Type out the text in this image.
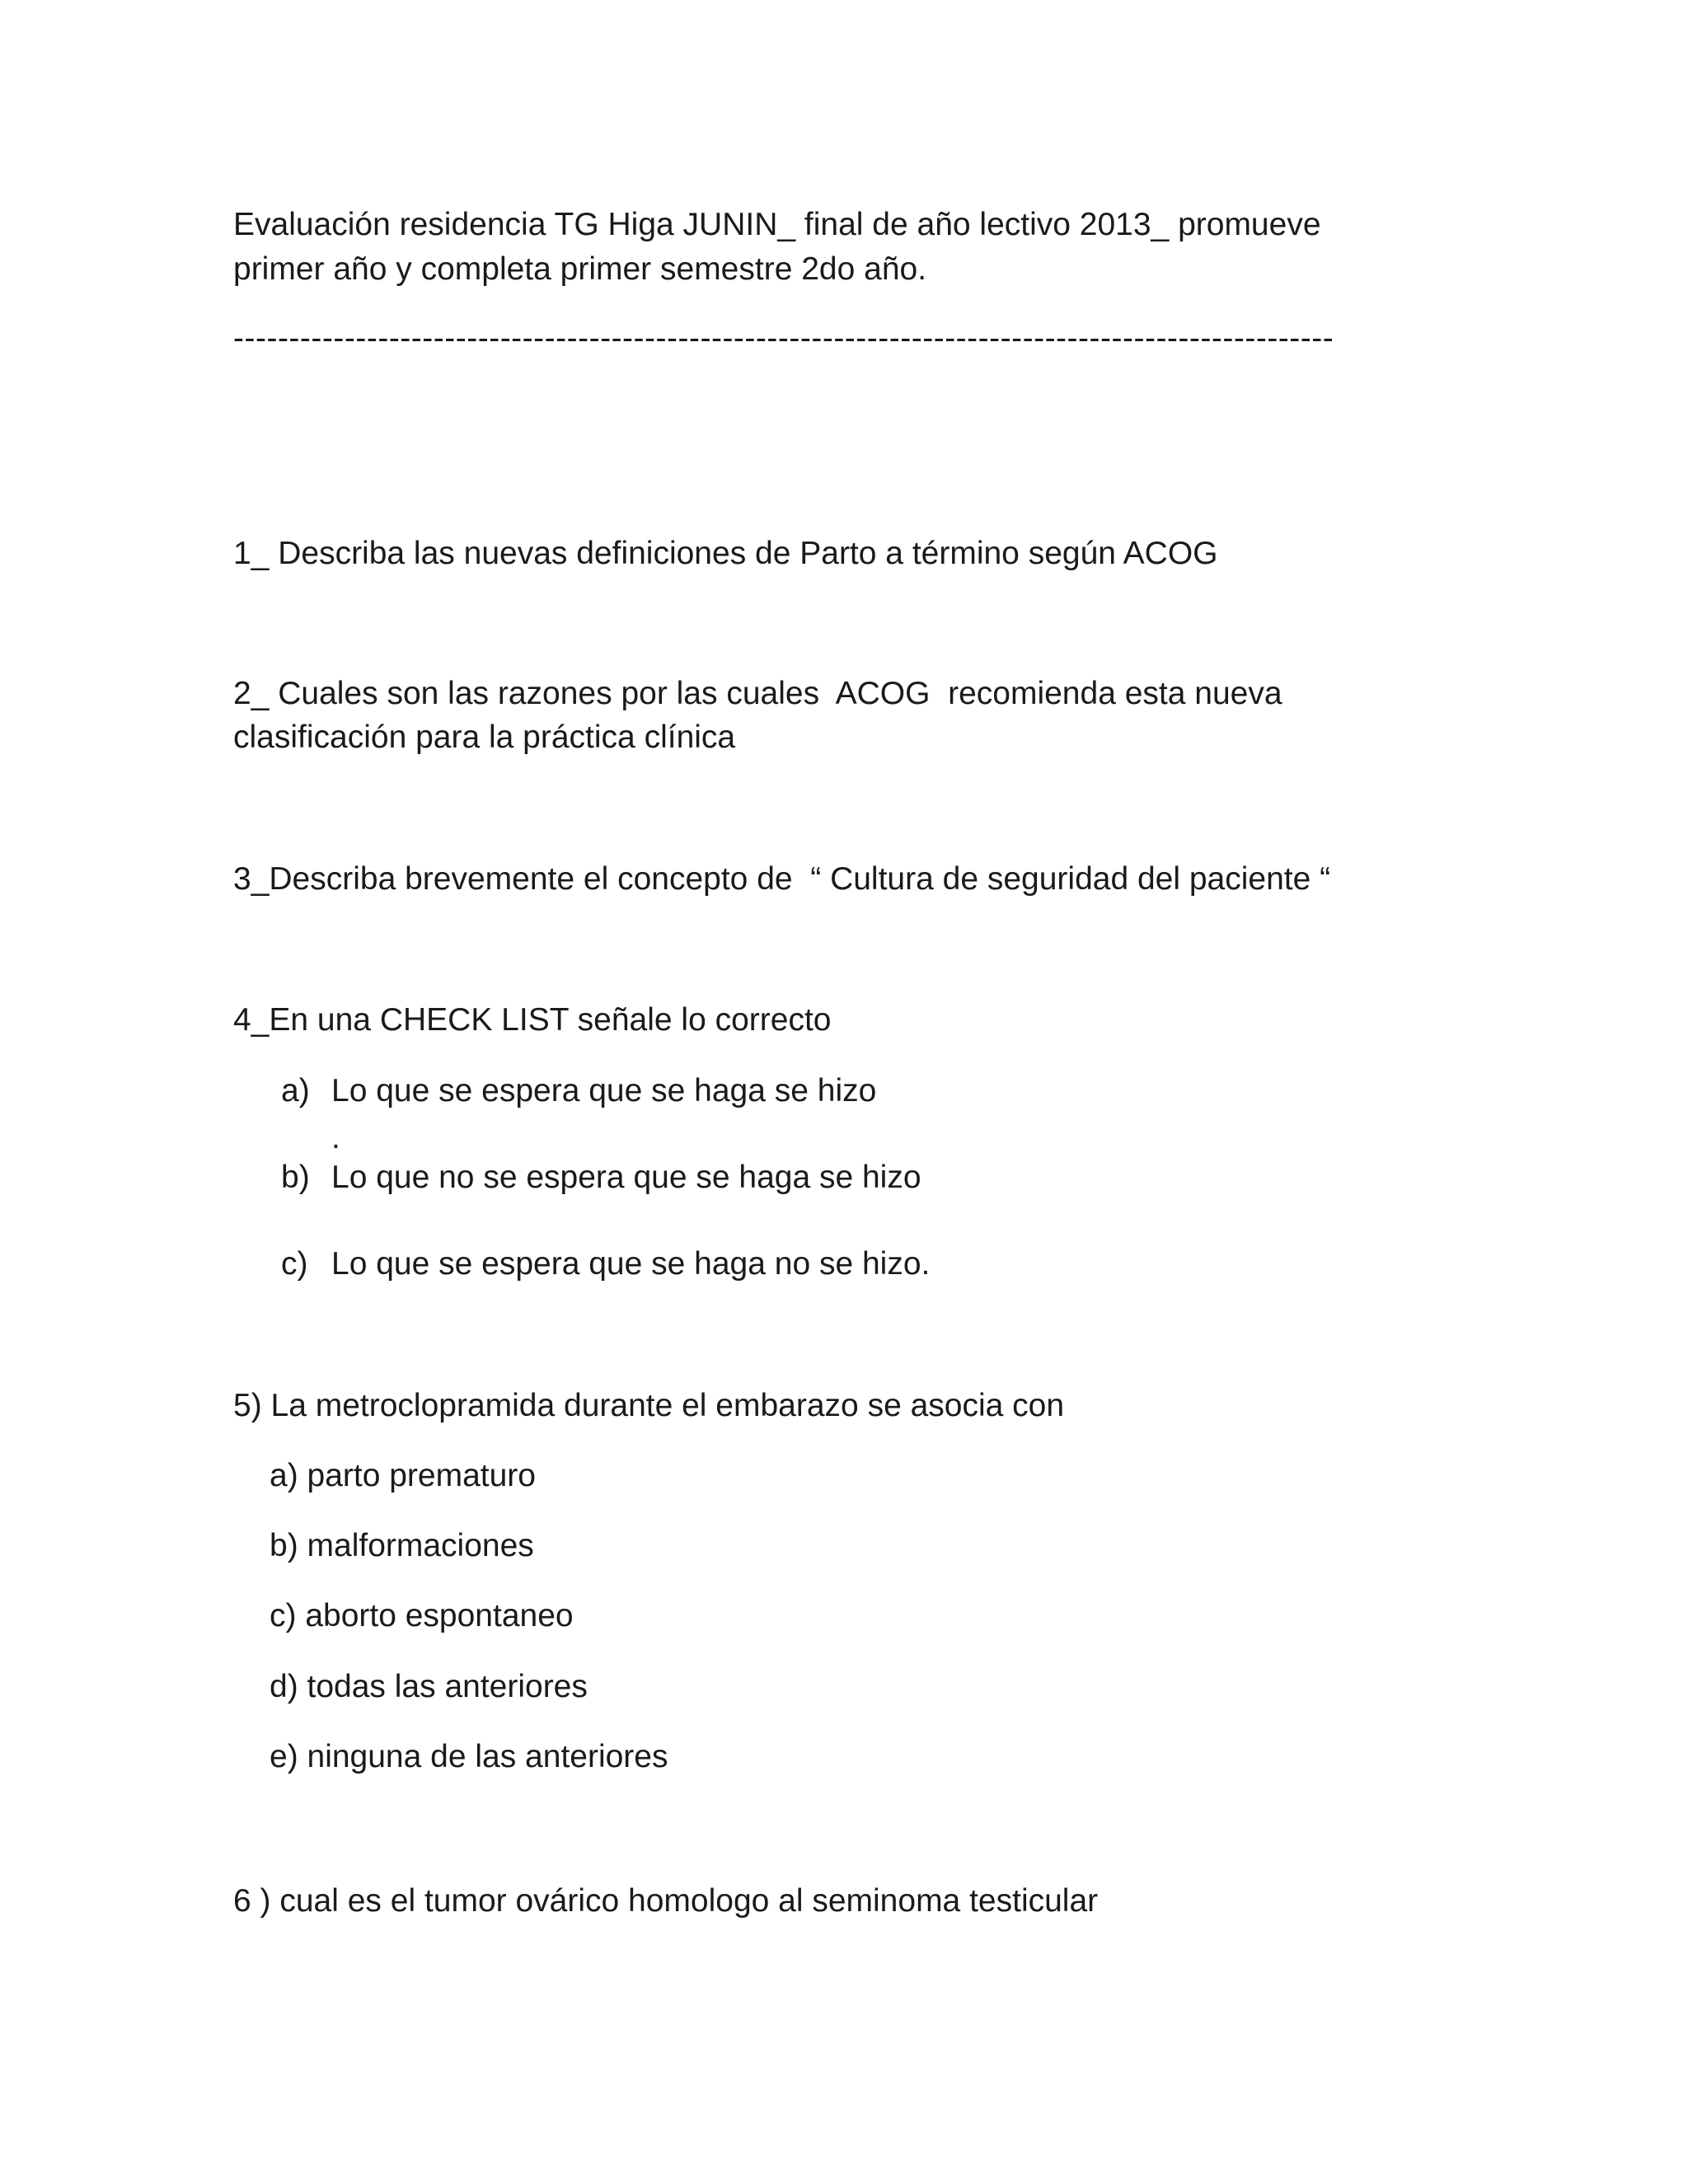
Evaluación residencia TG Higa JUNIN_ final de año lectivo 2013_ promueve

primer año y completa primer semestre 2do año.

---------------------------------------------------------------------------------------------------

1_ Describa las nuevas definiciones de Parto a término según ACOG

2_ Cuales son las razones por las cuales  ACOG  recomienda esta nueva

clasificación para la práctica clínica

3_Describa brevemente el concepto de  “ Cultura de seguridad del paciente “

4_En una CHECK LIST señale lo correcto

a) Lo que se espera que se haga se hizo
.
b) Lo que no se espera que se haga se hizo
c) Lo que se espera que se haga no se hizo.

5) La metroclopramida durante el embarazo se asocia con

a) parto prematuro
b) malformaciones
c) aborto espontaneo
d) todas las anteriores
e) ninguna de las anteriores

6 ) cual es el tumor ovárico homologo al seminoma testicular
